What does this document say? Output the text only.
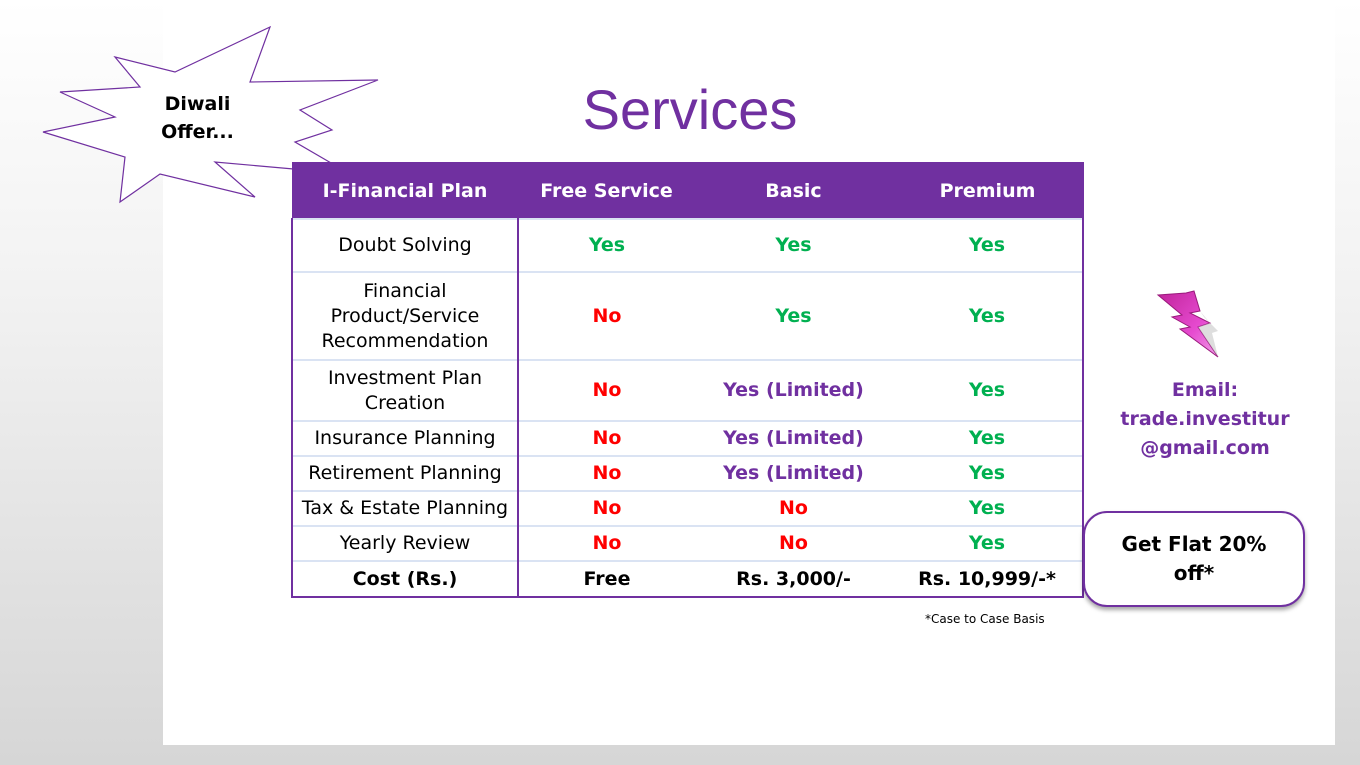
Diwali
Offer...	Services
I-Financial Plan	Free Service	Basic	Premium

Doubt Solving	Yes	Yes	Yes

Financial
Product/Service
Recommendation	No	Yes	Yes

Investment Plan
Creation	No	Yes (Limited)	Yes

Insurance Planning	No	Yes (Limited)	Yes

Retirement Planning	No	Yes (Limited)	Yes

Tax & Estate Planning	No	No	Yes

Yearly Review	No	No	Yes

Cost (Rs.)	Free	Rs. 3,000/-	Rs. 10,999/-*
*Case to Case Basis
Email:
trade.investitur
@gmail.com
Get Flat 20% off*
